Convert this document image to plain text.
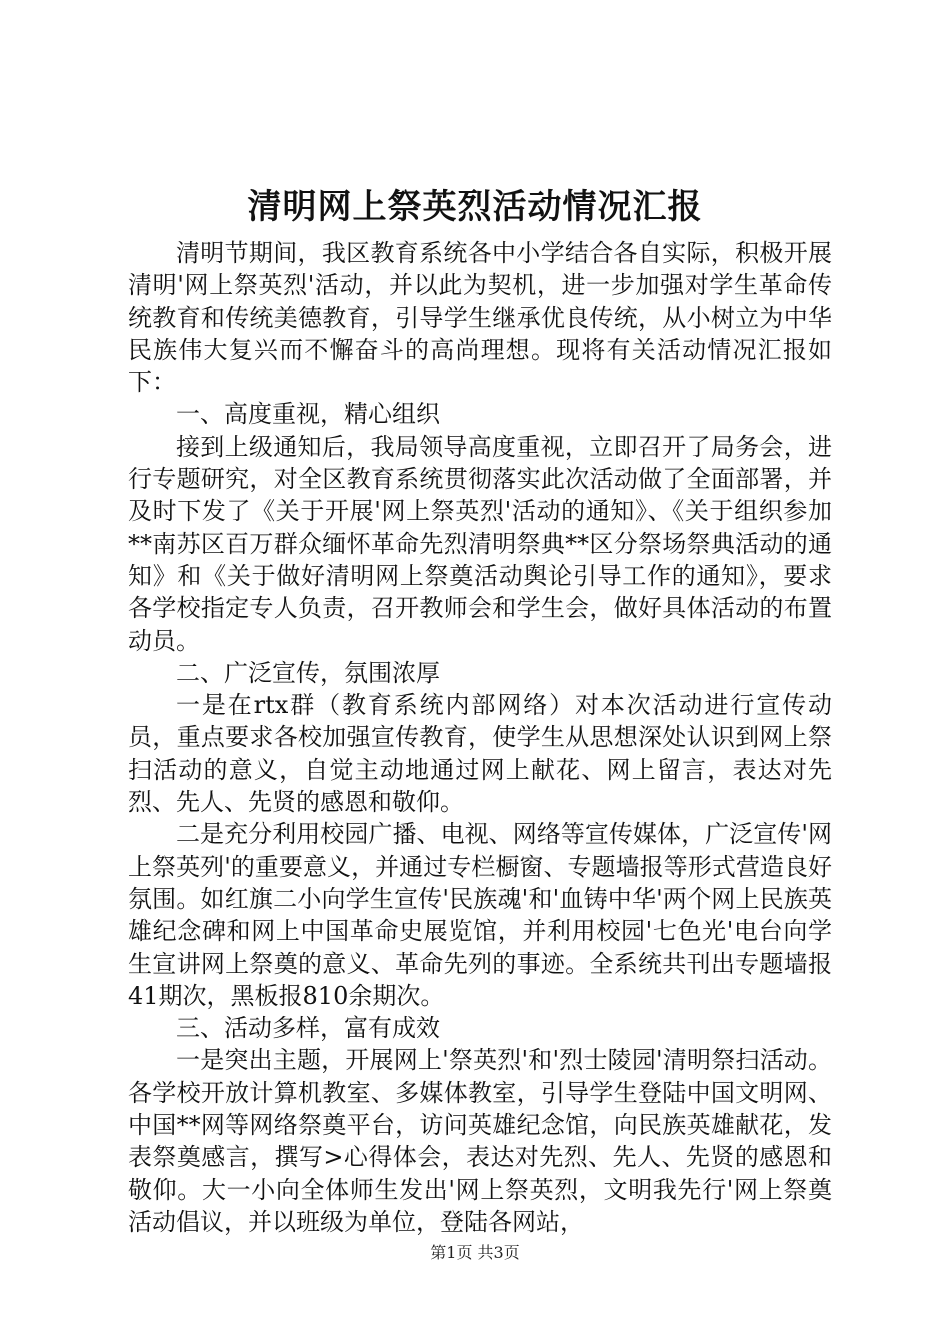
清明网上祭英烈活动情况汇报

清明节期间，我区教育系统各中小学结合各自实际，积极开展清明'网上祭英烈'活动，并以此为契机，进一步加强对学生革命传统教育和传统美德教育，引导学生继承优良传统，从小树立为中华民族伟大复兴而不懈奋斗的高尚理想。现将有关活动情况汇报如下：

一、高度重视，精心组织

接到上级通知后，我局领导高度重视，立即召开了局务会，进行专题研究，对全区教育系统贯彻落实此次活动做了全面部署，并及时下发了《关于开展'网上祭英烈'活动的通知》、《关于组织参加**南苏区百万群众缅怀革命先烈清明祭典**区分祭场祭典活动的通知》和《关于做好清明网上祭奠活动舆论引导工作的通知》，要求各学校指定专人负责，召开教师会和学生会，做好具体活动的布置动员。

二、广泛宣传，氛围浓厚

一是在rtx群（教育系统内部网络）对本次活动进行宣传动员，重点要求各校加强宣传教育，使学生从思想深处认识到网上祭扫活动的意义，自觉主动地通过网上献花、网上留言，表达对先烈、先人、先贤的感恩和敬仰。

二是充分利用校园广播、电视、网络等宣传媒体，广泛宣传'网上祭英列'的重要意义，并通过专栏橱窗、专题墙报等形式营造良好氛围。如红旗二小向学生宣传'民族魂'和'血铸中华'两个网上民族英雄纪念碑和网上中国革命史展览馆，并利用校园'七色光'电台向学生宣讲网上祭奠的意义、革命先列的事迹。全系统共刊出专题墙报41期次，黑板报810余期次。

三、活动多样，富有成效

一是突出主题，开展网上'祭英烈'和'烈士陵园'清明祭扫活动。各学校开放计算机教室、多媒体教室，引导学生登陆中国文明网、中国**网等网络祭奠平台，访问英雄纪念馆，向民族英雄献花，发表祭奠感言，撰写>心得体会，表达对先烈、先人、先贤的感恩和敬仰。大一小向全体师生发出'网上祭英烈，文明我先行'网上祭奠活动倡议，并以班级为单位，登陆各网站，

第1页 共3页
